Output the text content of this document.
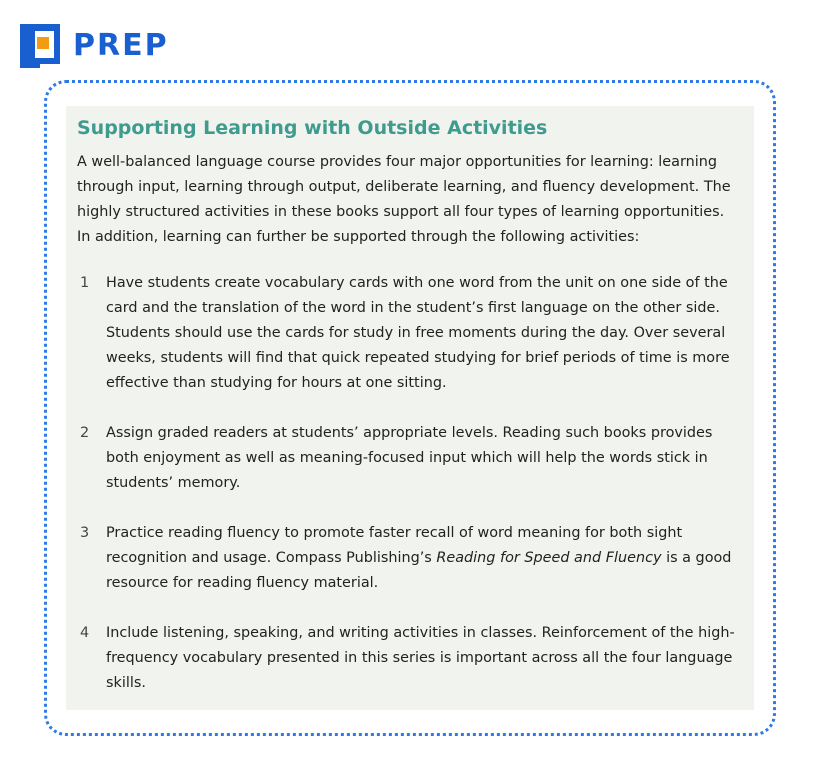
PREP
Supporting Learning with Outside Activities

A well-balanced language course provides four major opportunities for learning: learning through input, learning through output, deliberate learning, and fluency development. The highly structured activities in these books support all four types of learning opportunities. In addition, learning can further be supported through the following activities:

1 Have students create vocabulary cards with one word from the unit on one side of the card and the translation of the word in the student’s first language on the other side. Students should use the cards for study in free moments during the day. Over several weeks, students will find that quick repeated studying for brief periods of time is more effective than studying for hours at one sitting.
2 Assign graded readers at students’ appropriate levels. Reading such books provides both enjoyment as well as meaning-focused input which will help the words stick in students’ memory.
3 Practice reading fluency to promote faster recall of word meaning for both sight recognition and usage. Compass Publishing’s Reading for Speed and Fluency is a good resource for reading fluency material.
4 Include listening, speaking, and writing activities in classes. Reinforcement of the high-frequency vocabulary presented in this series is important across all the four language skills.
